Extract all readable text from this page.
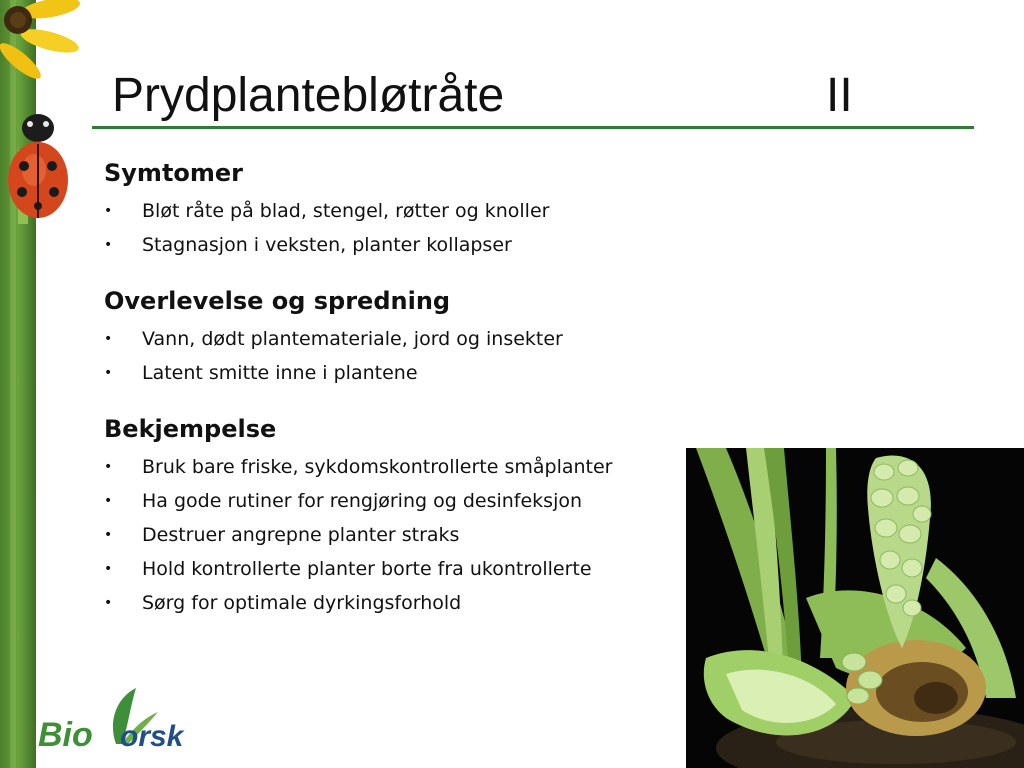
Prydplantebløtråte	II
Symtomer
• Bløt råte på blad, stengel, røtter og knoller
• Stagnasjon i veksten, planter kollapser
Overlevelse og spredning
• Vann, dødt plantemateriale, jord og insekter
• Latent smitte inne i plantene
Bekjempelse
• Bruk bare friske, sykdomskontrollerte småplanter
• Ha gode rutiner for rengjøring og desinfeksjon
• Destruer angrepne planter straks
• Hold kontrollerte planter borte fra ukontrollerte
• Sørg for optimale dyrkingsforhold
Bio orsk
